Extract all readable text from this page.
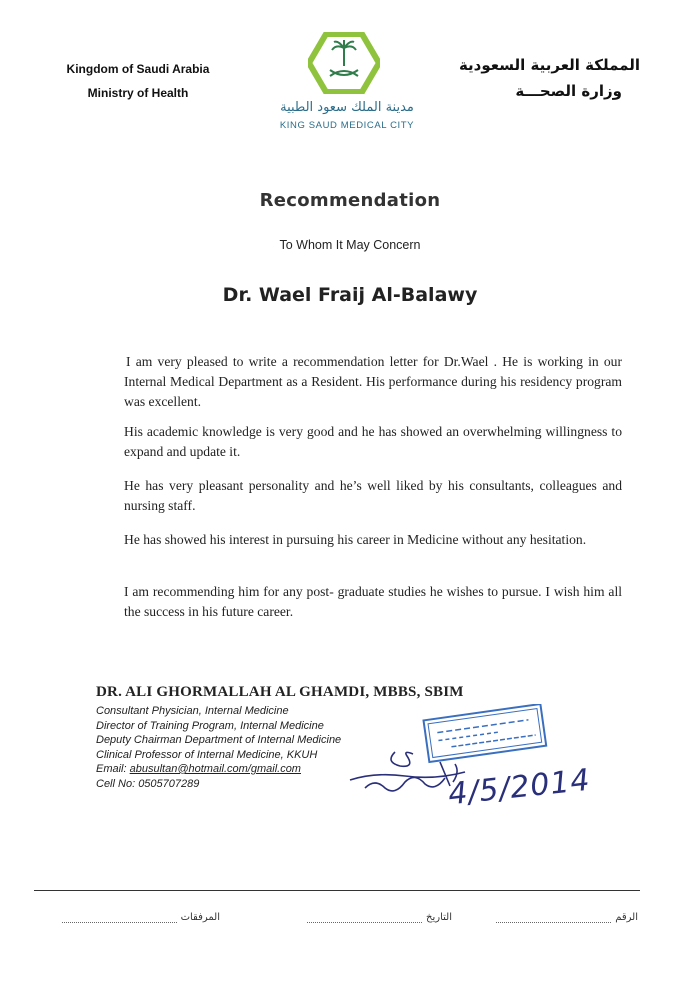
Kingdom of Saudi Arabia
Ministry of Health
المملكة العربية السعودية
وزارة الصحـــة
مدينة الملك سعود الطبية
KING SAUD MEDICAL CITY
Recommendation
To Whom It May Concern
Dr. Wael Fraij Al-Balawy

I am very pleased to write a recommendation letter for Dr.Wael . He is working in our Internal Medical Department as a Resident. His performance during his residency program was excellent.

His academic knowledge is very good and he has showed an overwhelming willingness to expand and update it.

He has very pleasant personality and he’s well liked by his consultants, colleagues and nursing staff.

He has showed his interest in pursuing his career in Medicine without any hesitation.

I am recommending him for any post- graduate studies he wishes to pursue. I wish him all the success in his future career.

DR. ALI GHORMALLAH AL GHAMDI, MBBS, SBIM
Consultant Physician, Internal Medicine
Director of Training Program, Internal Medicine
Deputy Chairman Department of Internal Medicine
Clinical Professor of Internal Medicine, KKUH
Email: abusultan@hotmail.com/gmail.com
Cell No: 0505707289	4/5/2014
الرقم
التاريخ
المرفقات
